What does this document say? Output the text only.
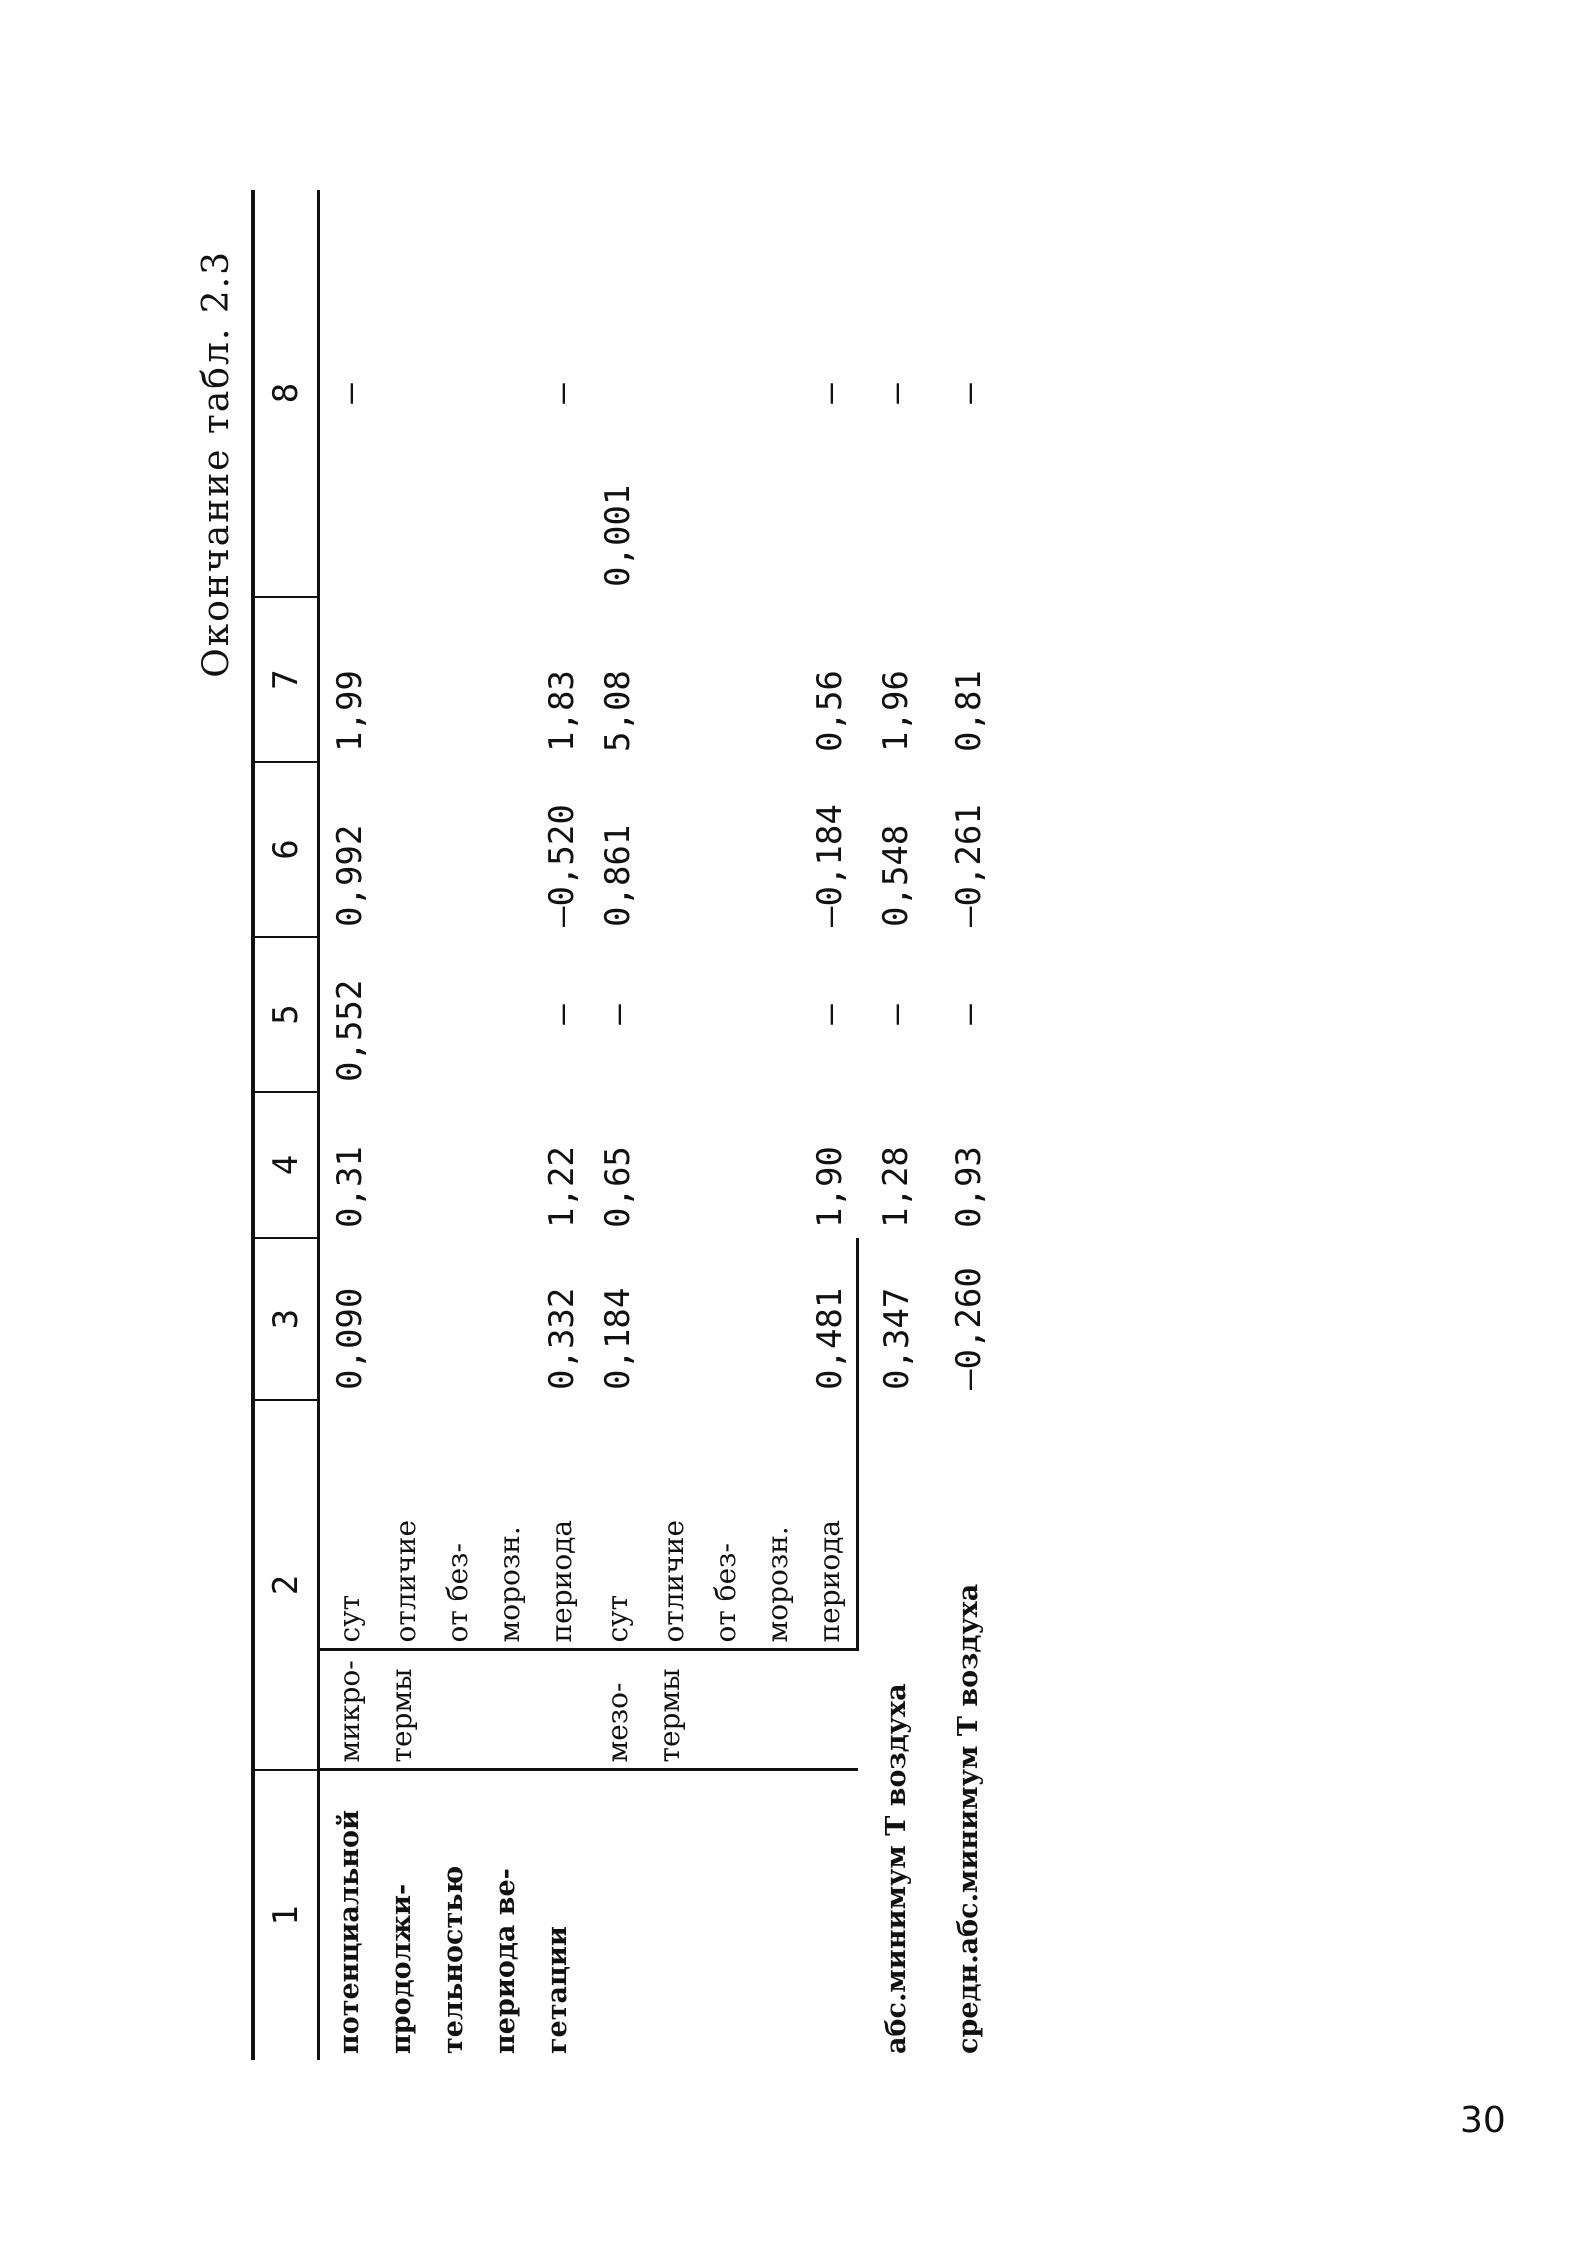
Окончание табл. 2.3
1	2		3	4	5	6	7	8

потенциальной продолжи- тельностью периода ве- гетации	микро- термы	сут	0,090	0,31	0,552	0,992	1,99	–

		отличие от без- морозн. периода	0,332	1,22	–	–0,520	1,83	–

	мезо- термы	сут	0,184	0,65	–	0,861	5,08	0,001

		отличие от без- морозн. периода	0,481	1,90	–	–0,184	0,56	–
абс.минимум Т воздуха			0,347	1,28	–	0,548	1,96	–
средн.абс.минимум Т воздуха			–0,260	0,93	–	–0,261	0,81	–
30
